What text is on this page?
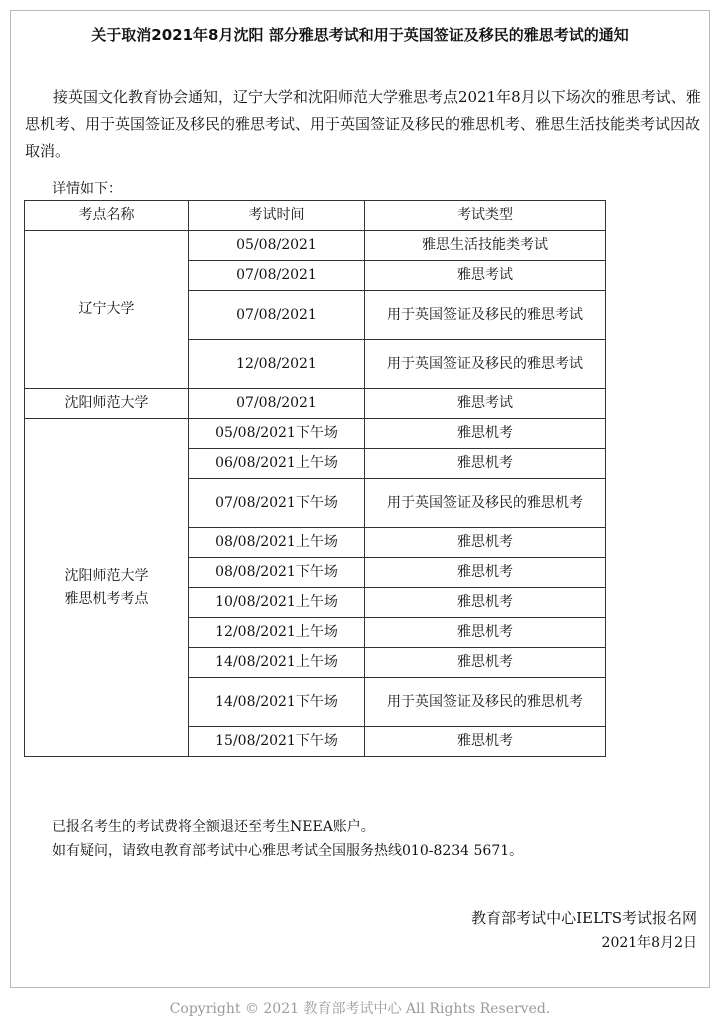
关于取消2021年8月沈阳 部分雅思考试和用于英国签证及移民的雅思考试的通知
接英国文化教育协会通知，辽宁大学和沈阳师范大学雅思考点2021年8月以下场次的雅思考试、雅思机考、用于英国签证及移民的雅思考试、用于英国签证及移民的雅思机考、雅思生活技能类考试因故取消。
详情如下：
考点名称	考试时间	考试类型

辽宁大学	05/08/2021	雅思生活技能类考试
	07/08/2021	雅思考试
	07/08/2021	用于英国签证及移民的雅思考试
	12/08/2021	用于英国签证及移民的雅思考试

沈阳师范大学	07/08/2021	雅思考试

沈阳师范大学
雅思机考考点	05/08/2021下午场	雅思机考
	06/08/2021上午场	雅思机考
	07/08/2021下午场	用于英国签证及移民的雅思机考
	08/08/2021上午场	雅思机考
	08/08/2021下午场	雅思机考
	10/08/2021上午场	雅思机考
	12/08/2021上午场	雅思机考
	14/08/2021上午场	雅思机考
	14/08/2021下午场	用于英国签证及移民的雅思机考
	15/08/2021下午场	雅思机考
已报名考生的考试费将全额退还至考生NEEA账户。
如有疑问，请致电教育部考试中心雅思考试全国服务热线010-8234 5671。
教育部考试中心IELTS考试报名网
2021年8月2日
Copyright © 2021 教育部考试中心 All Rights Reserved.
